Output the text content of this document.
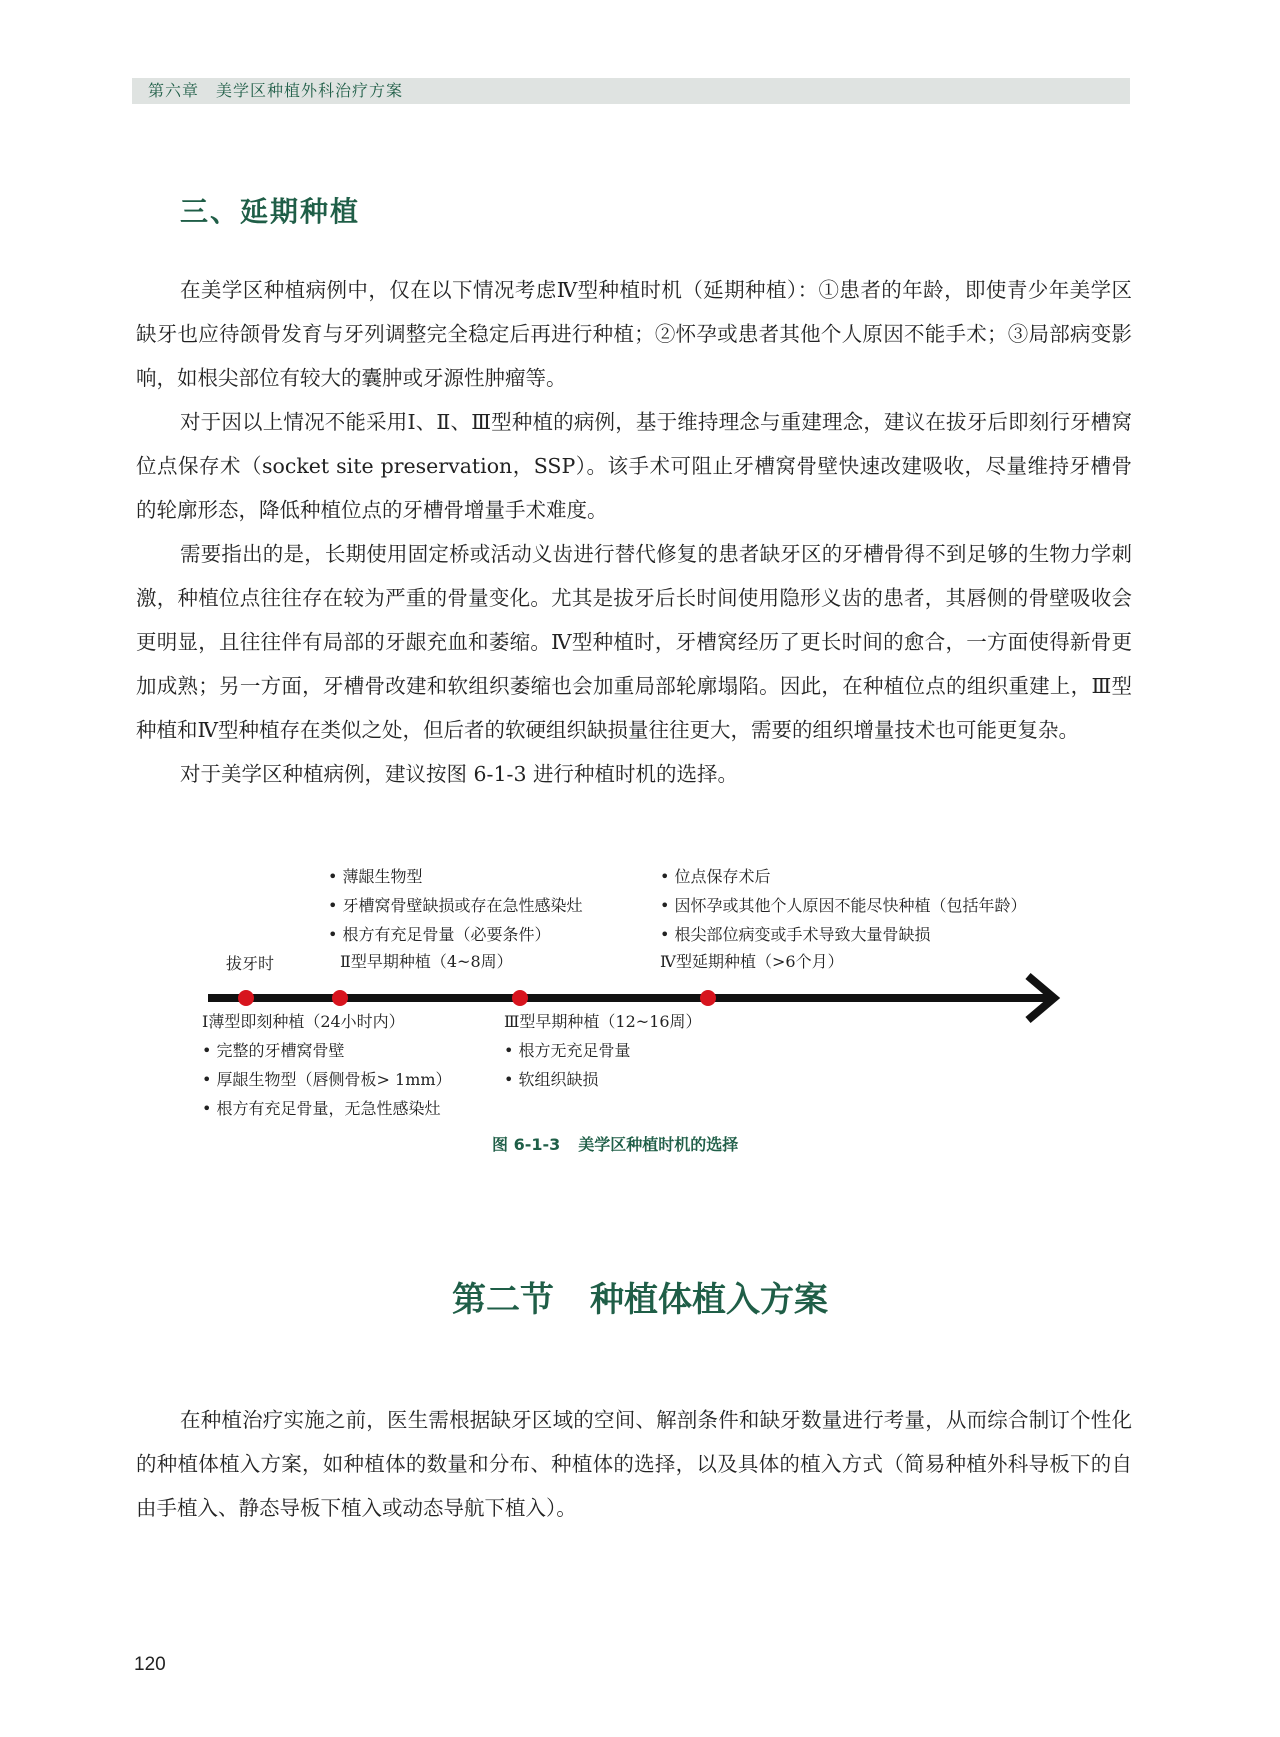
第六章　美学区种植外科治疗方案
三、延期种植

在美学区种植病例中，仅在以下情况考虑Ⅳ型种植时机（延期种植）：①患者的年龄，即使青少年美学区缺牙也应待颌骨发育与牙列调整完全稳定后再进行种植；②怀孕或患者其他个人原因不能手术；③局部病变影响，如根尖部位有较大的囊肿或牙源性肿瘤等。

对于因以上情况不能采用Ⅰ、Ⅱ、Ⅲ型种植的病例，基于维持理念与重建理念，建议在拔牙后即刻行牙槽窝位点保存术（socket site preservation，SSP）。该手术可阻止牙槽窝骨壁快速改建吸收，尽量维持牙槽骨的轮廓形态，降低种植位点的牙槽骨增量手术难度。

需要指出的是，长期使用固定桥或活动义齿进行替代修复的患者缺牙区的牙槽骨得不到足够的生物力学刺激，种植位点往往存在较为严重的骨量变化。尤其是拔牙后长时间使用隐形义齿的患者，其唇侧的骨壁吸收会更明显，且往往伴有局部的牙龈充血和萎缩。Ⅳ型种植时，牙槽窝经历了更长时间的愈合，一方面使得新骨更加成熟；另一方面，牙槽骨改建和软组织萎缩也会加重局部轮廓塌陷。因此，在种植位点的组织重建上，Ⅲ型种植和Ⅳ型种植存在类似之处，但后者的软硬组织缺损量往往更大，需要的组织增量技术也可能更复杂。

对于美学区种植病例，建议按图 6-1-3 进行种植时机的选择。

• 薄龈生物型
• 牙槽窝骨壁缺损或存在急性感染灶
• 根方有充足骨量（必要条件）
Ⅱ型早期种植（4~8周）
拔牙时
• 位点保存术后
• 因怀孕或其他个人原因不能尽快种植（包括年龄）
• 根尖部位病变或手术导致大量骨缺损
Ⅳ型延期种植（>6个月）
Ⅰ薄型即刻种植（24小时内）
• 完整的牙槽窝骨壁
• 厚龈生物型（唇侧骨板> 1mm）
• 根方有充足骨量，无急性感染灶
Ⅲ型早期种植（12~16周）
• 根方无充足骨量
• 软组织缺损
图 6-1-3 美学区种植时机的选择
第二节 种植体植入方案

在种植治疗实施之前，医生需根据缺牙区域的空间、解剖条件和缺牙数量进行考量，从而综合制订个性化的种植体植入方案，如种植体的数量和分布、种植体的选择，以及具体的植入方式（简易种植外科导板下的自由手植入、静态导板下植入或动态导航下植入）。

120
